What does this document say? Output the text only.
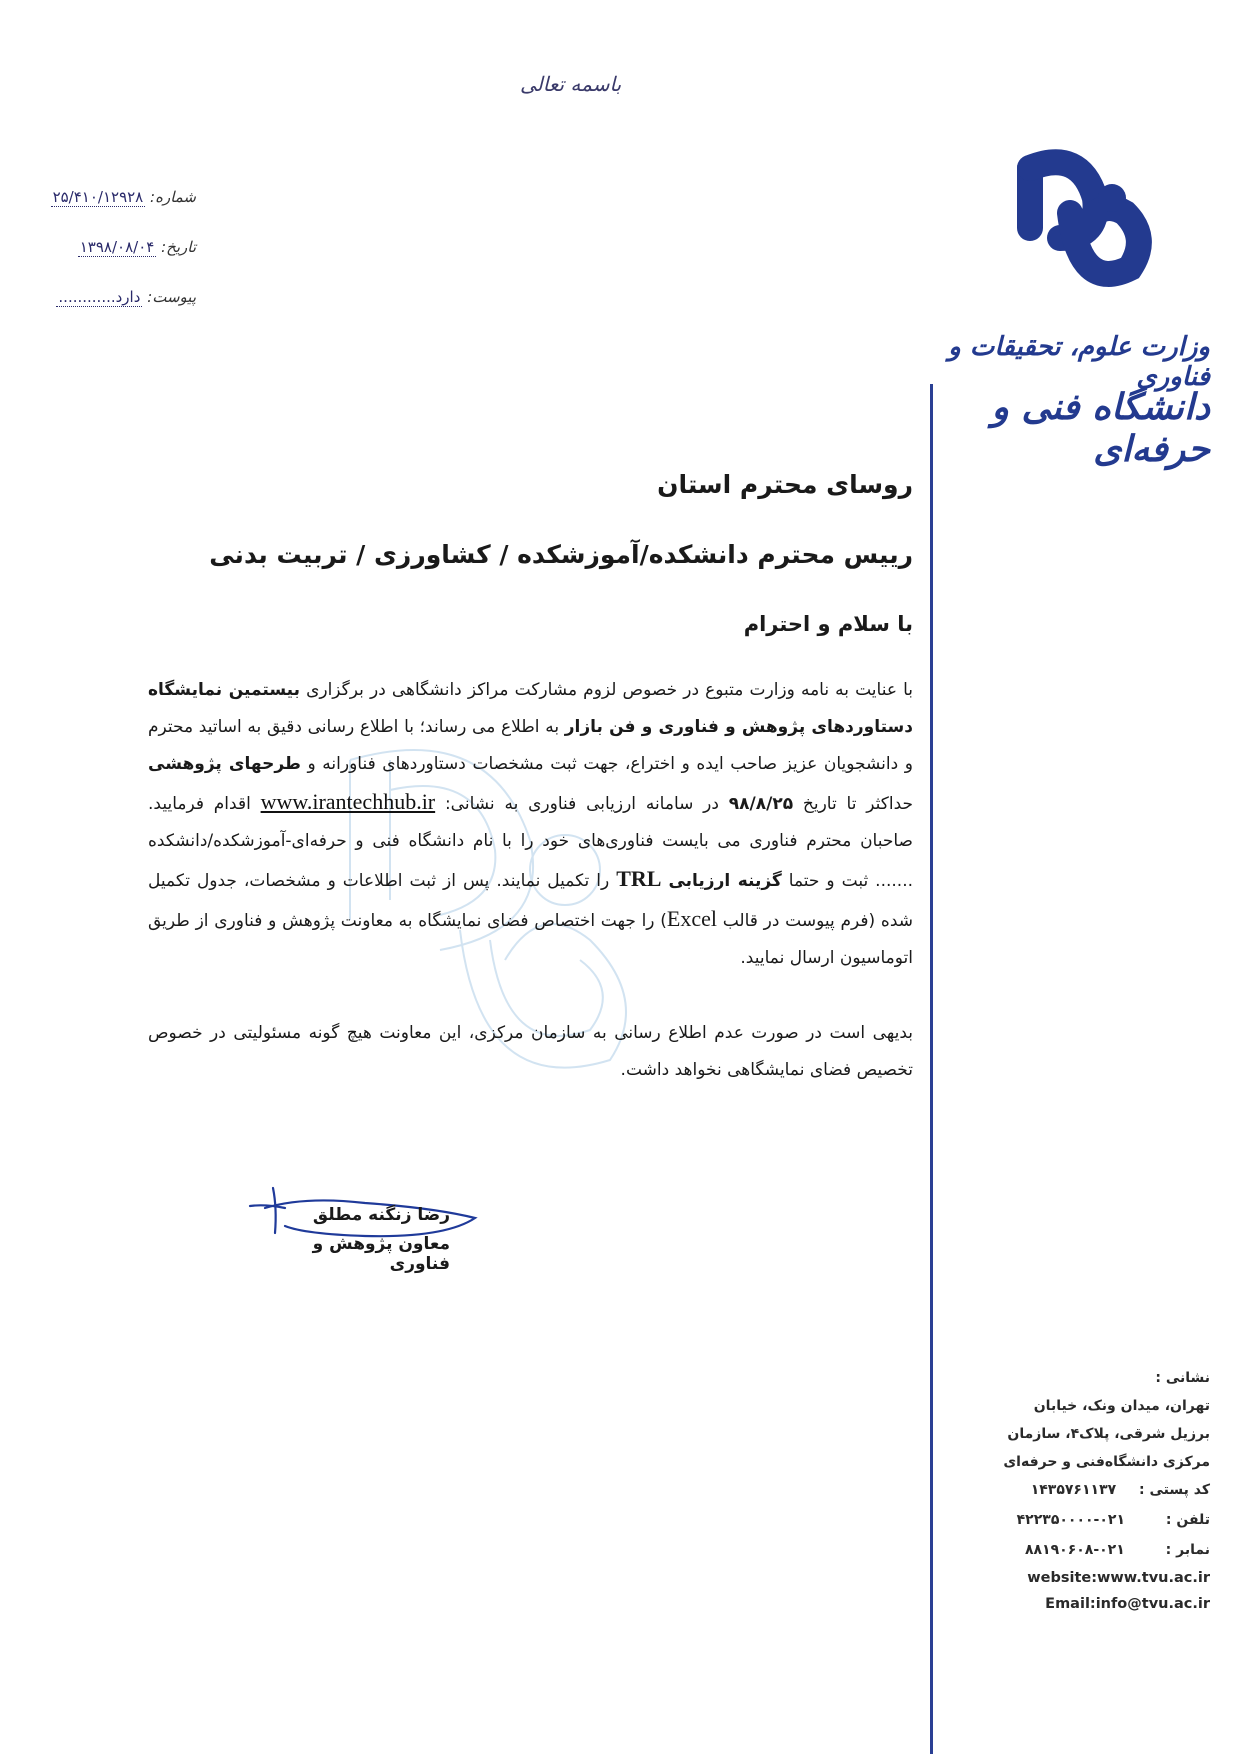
باسمه تعالی
شماره: ۲۵/۴۱۰/۱۲۹۲۸
تاریخ: ۱۳۹۸/۰۸/۰۴
پیوست: دارد............
وزارت علوم، تحقیقات و فناوری
دانشگاه فنی و حرفه‌ای
روسای محترم استان
رییس محترم دانشکده/آموزشکده / کشاورزی / تربیت بدنی
با سلام و احترام
با عنایت به نامه وزارت متبوع در خصوص لزوم مشارکت مراکز دانشگاهی در برگزاری بیستمین نمایشگاه دستاوردهای پژوهش و فناوری و فن بازار به اطلاع می رساند؛ با اطلاع رسانی دقیق به اساتید محترم و دانشجویان عزیز صاحب ایده و اختراع، جهت ثبت مشخصات دستاوردهای فناورانه و طرحهای پژوهشی حداکثر تا تاریخ ۹۸/۸/۲۵ در سامانه ارزیابی فناوری به نشانی: www.irantechhub.ir اقدام فرمایید. صاحبان محترم فناوری می بایست فناوری‌های خود را با نام دانشگاه فنی و حرفه‌ای-آموزشکده/دانشکده ....... ثبت و حتما گزینه ارزیابی TRL را تکمیل نمایند. پس از ثبت اطلاعات و مشخصات، جدول تکمیل شده (فرم پیوست در قالب Excel) را جهت اختصاص فضای نمایشگاه به معاونت پژوهش و فناوری از طریق اتوماسیون ارسال نمایید.
بدیهی است در صورت عدم اطلاع رسانی به سازمان مرکزی، این معاونت هیچ گونه مسئولیتی در خصوص تخصیص فضای نمایشگاهی نخواهد داشت.
رضا زنگنه مطلق
معاون پژوهش و فناوری
نشانی :
تهران، میدان ونک، خیابان
برزیل شرقی، پلاک۴، سازمان
مرکزی دانشگاه‌فنی و حرفه‌ای
کد پستی : ۱۴۳۵۷۶۱۱۳۷
تلفن : ۰۲۱-۴۲۲۳۵۰۰۰۰
نمابر : ۰۲۱-۸۸۱۹۰۶۰۸
website:www.tvu.ac.ir
Email:info@tvu.ac.ir
